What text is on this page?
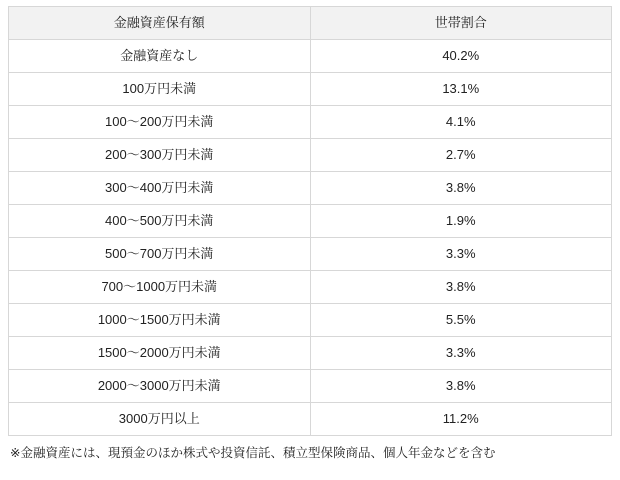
金融資産保有額	世帯割合
金融資産なし	40.2%
100万円未満	13.1%
100〜200万円未満	4.1%
200〜300万円未満	2.7%
300〜400万円未満	3.8%
400〜500万円未満	1.9%
500〜700万円未満	3.3%
700〜1000万円未満	3.8%
1000〜1500万円未満	5.5%
1500〜2000万円未満	3.3%
2000〜3000万円未満	3.8%
3000万円以上	11.2%
※金融資産には、現預金のほか株式や投資信託、積立型保険商品、個人年金などを含む
